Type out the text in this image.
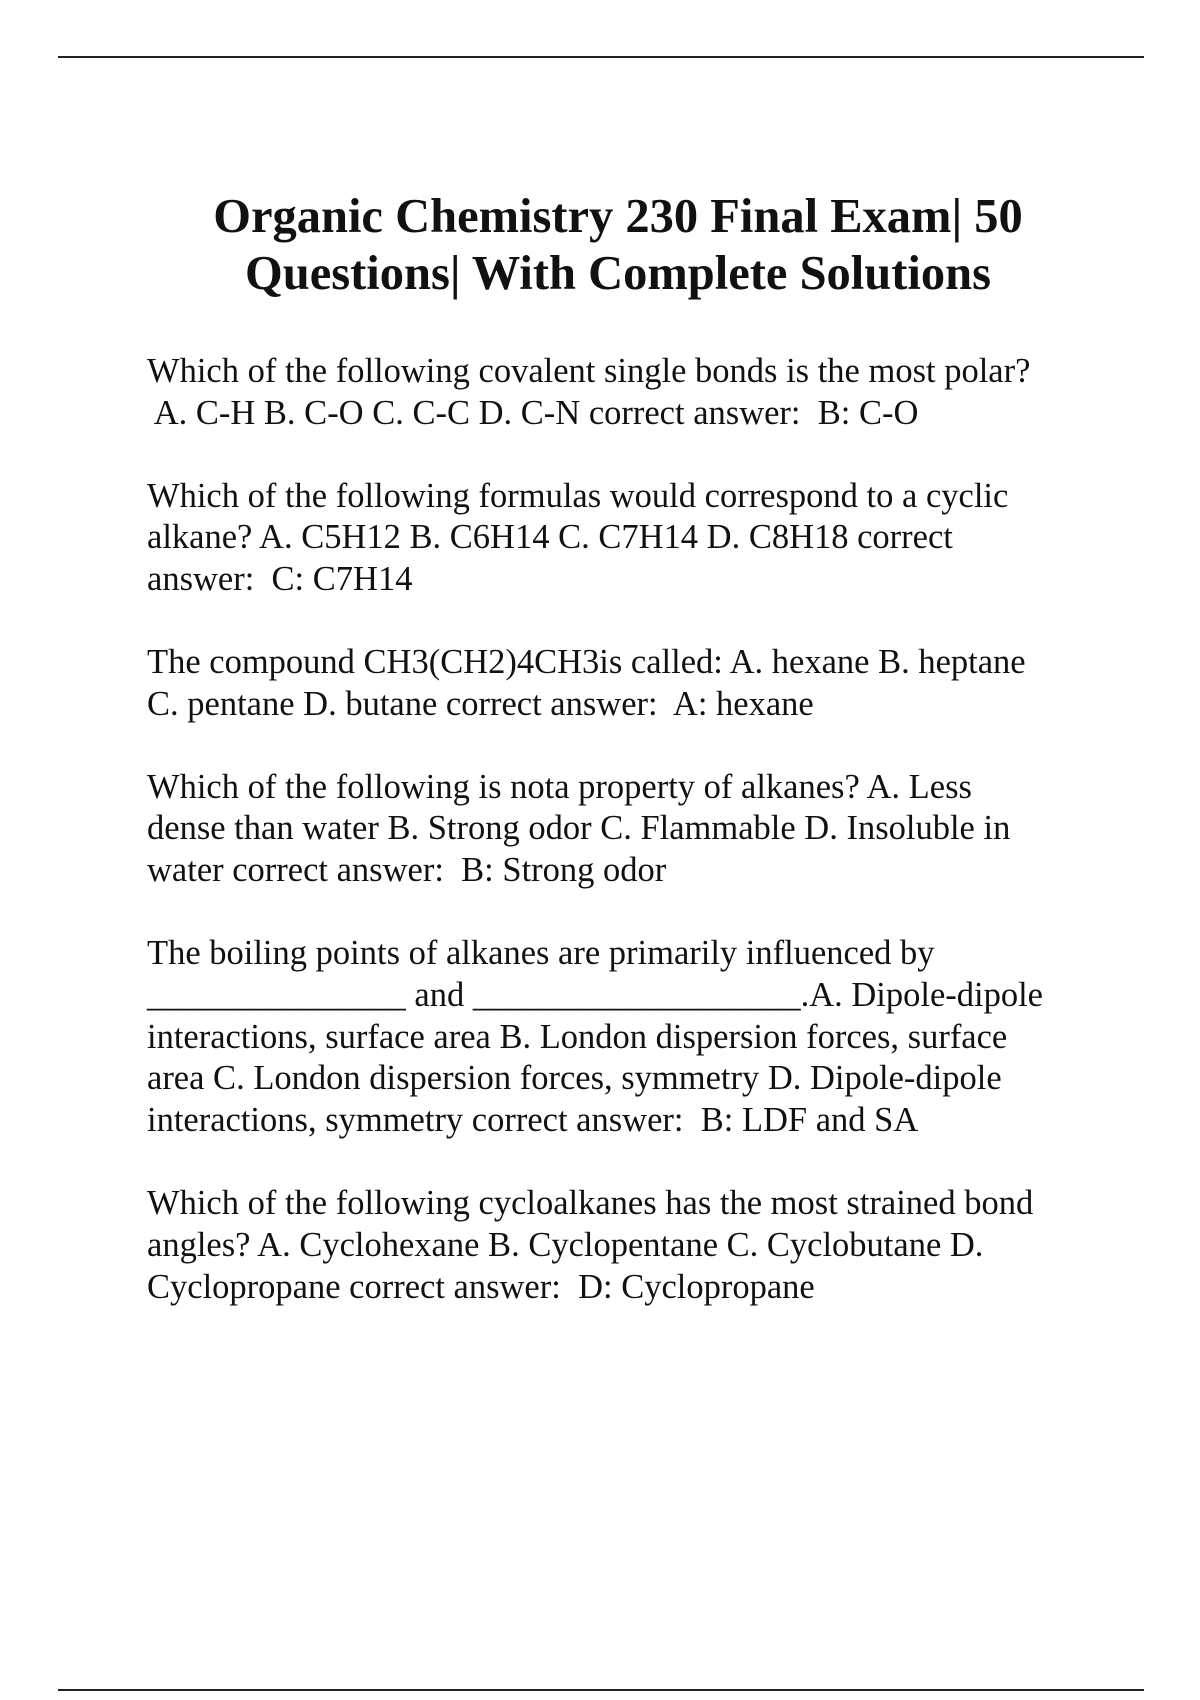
Organic Chemistry 230 Final Exam| 50
Questions| With Complete Solutions

Which of the following covalent single bonds is the most polar?
A. C-H B. C-O C. C-C D. C-N correct answer:  B: C-O

Which of the following formulas would correspond to a cyclic
alkane? A. C5H12 B. C6H14 C. C7H14 D. C8H18 correct
answer:  C: C7H14

The compound CH3(CH2)4CH3is called: A. hexane B. heptane
C. pentane D. butane correct answer:  A: hexane

Which of the following is nota property of alkanes? A. Less
dense than water B. Strong odor C. Flammable D. Insoluble in
water correct answer:  B: Strong odor

The boiling points of alkanes are primarily influenced by
_______________ and ___________________.A. Dipole-dipole
interactions, surface area B. London dispersion forces, surface
area C. London dispersion forces, symmetry D. Dipole-dipole
interactions, symmetry correct answer:  B: LDF and SA

Which of the following cycloalkanes has the most strained bond
angles? A. Cyclohexane B. Cyclopentane C. Cyclobutane D.
Cyclopropane correct answer:  D: Cyclopropane
